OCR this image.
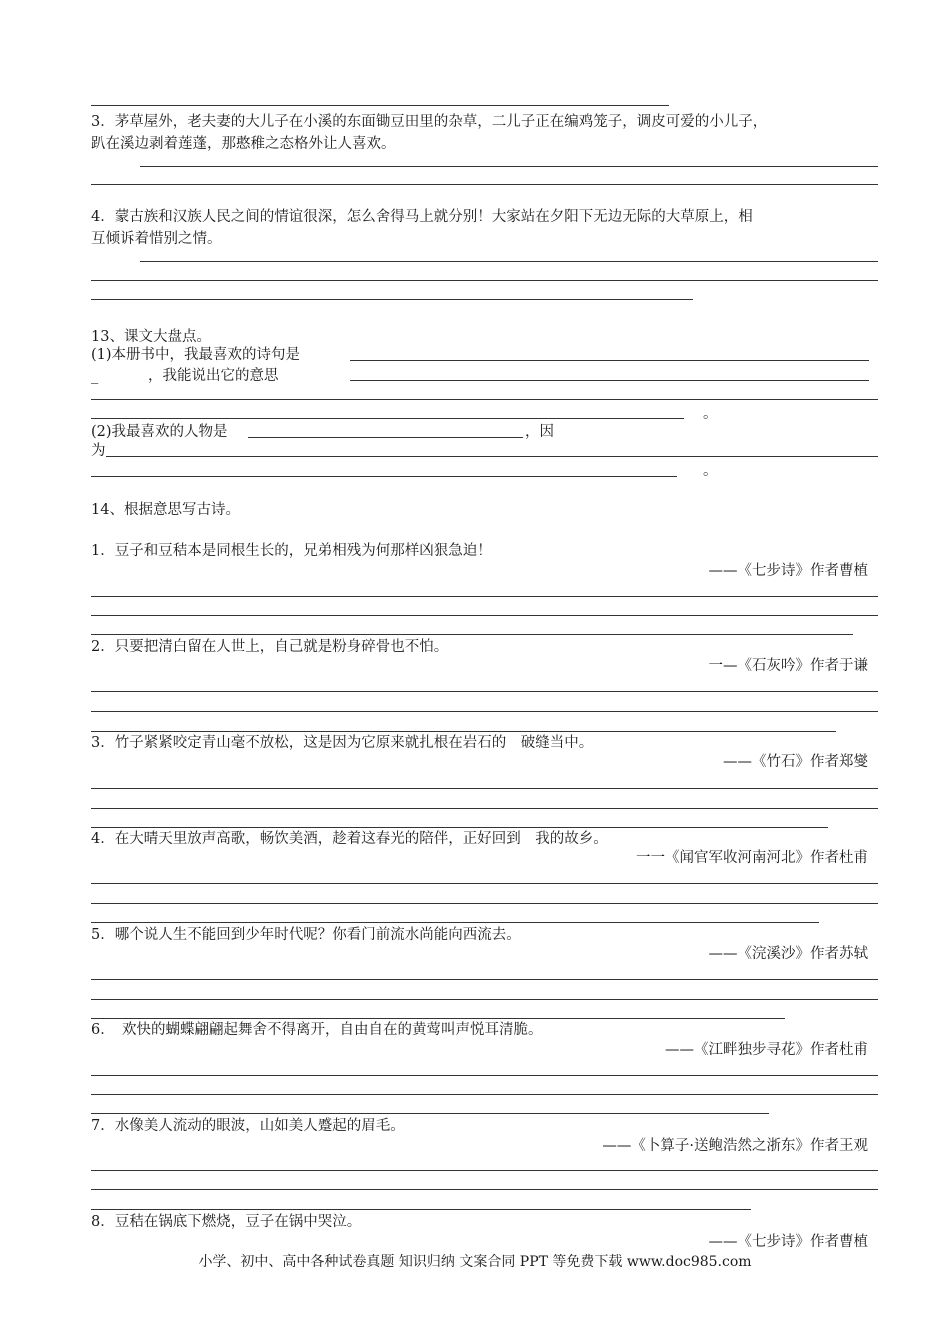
3．茅草屋外，老夫妻的大儿子在小溪的东面锄豆田里的杂草，二儿子正在编鸡笼子，调皮可爱的小儿子，
趴在溪边剥着莲蓬，那憨稚之态格外让人喜欢。
4．蒙古族和汉族人民之间的情谊很深，怎么舍得马上就分别！大家站在夕阳下无边无际的大草原上，相
互倾诉着惜别之情。
13、课文大盘点。
(1)本册书中，我最喜欢的诗句是
_	，我能说出它的意思
。
(2)我最喜欢的人物是	，因
为
。
14、根据意思写古诗。
1．豆子和豆秸本是同根生长的，兄弟相残为何那样凶狠急迫！
——《七步诗》作者曹植
2．只要把清白留在人世上，自己就是粉身碎骨也不怕。
一—《石灰吟》作者于谦
3．竹子紧紧咬定青山毫不放松，这是因为它原来就扎根在岩石的　破缝当中。
——《竹石》作者郑燮
4．在大晴天里放声高歌，畅饮美酒，趁着这春光的陪伴，正好回到　我的故乡。
一一《闻官军收河南河北》作者杜甫
5．哪个说人生不能回到少年时代呢？你看门前流水尚能向西流去。
——《浣溪沙》作者苏轼
6．　欢快的蝴蝶翩翩起舞舍不得离开，自由自在的黄莺叫声悦耳清脆。
——《江畔独步寻花》作者杜甫
7．水像美人流动的眼波，山如美人蹙起的眉毛。
——《卜算子·送鲍浩然之浙东》作者王观
8．豆秸在锅底下燃烧，豆子在锅中哭泣。
——《七步诗》作者曹植
小学、初中、高中各种试卷真题 知识归纳 文案合同 PPT 等免费下载 www.doc985.com
